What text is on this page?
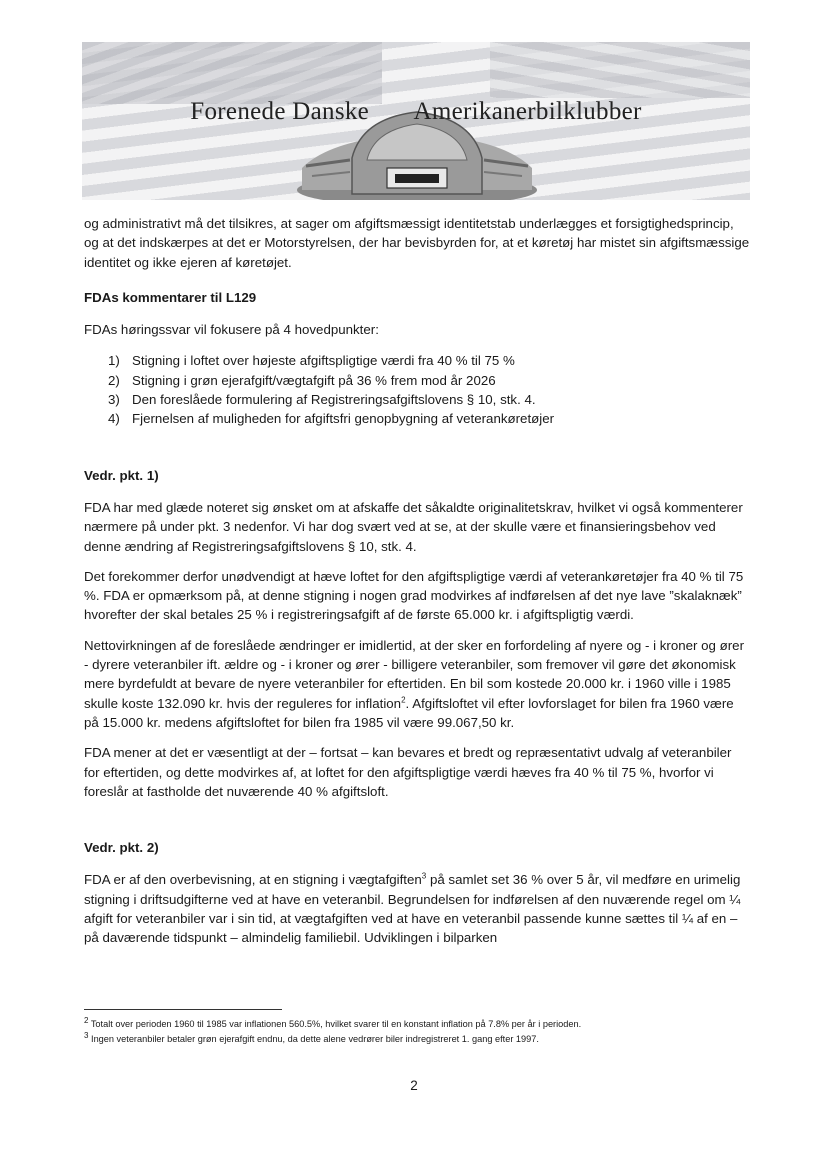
Forenede Danske Amerikanerbilklubber

og administrativt må det tilsikres, at sager om afgiftsmæssigt identitetstab underlægges et forsigtighedsprincip, og at det indskærpes at det er Motorstyrelsen, der har bevisbyrden for, at et køretøj har mistet sin afgiftsmæssige identitet og ikke ejeren af køretøjet.

FDAs kommentarer til L129

FDAs høringssvar vil fokusere på 4 hovedpunkter:

1) Stigning i loftet over højeste afgiftspligtige værdi fra 40 % til 75 %
2) Stigning i grøn ejerafgift/vægtafgift på 36 % frem mod år 2026
3) Den foreslåede formulering af Registreringsafgiftslovens § 10, stk. 4.
4) Fjernelsen af muligheden for afgiftsfri genopbygning af veterankøretøjer

Vedr. pkt. 1)

FDA har med glæde noteret sig ønsket om at afskaffe det såkaldte originalitetskrav, hvilket vi også kommenterer nærmere på under pkt. 3 nedenfor. Vi har dog svært ved at se, at der skulle være et finansieringsbehov ved denne ændring af Registreringsafgiftslovens § 10, stk. 4.

Det forekommer derfor unødvendigt at hæve loftet for den afgiftspligtige værdi af veterankøretøjer fra 40 % til 75 %. FDA er opmærksom på, at denne stigning i nogen grad modvirkes af indførelsen af det nye lave ”skalaknæk” hvorefter der skal betales 25 % i registreringsafgift af de første 65.000 kr. i afgiftspligtig værdi.

Nettovirkningen af de foreslåede ændringer er imidlertid, at der sker en forfordeling af nyere og - i kroner og ører - dyrere veteranbiler ift. ældre og - i kroner og ører - billigere veteranbiler, som fremover vil gøre det økonomisk mere byrdefuldt at bevare de nyere veteranbiler for eftertiden. En bil som kostede 20.000 kr. i 1960 ville i 1985 skulle koste 132.090 kr. hvis der reguleres for inflation$^2$. Afgiftsloftet vil efter lovforslaget for bilen fra 1960 være på 15.000 kr. medens afgiftsloftet for bilen fra 1985 vil være 99.067,50 kr.

FDA mener at det er væsentligt at der – fortsat – kan bevares et bredt og repræsentativt udvalg af veteranbiler for eftertiden, og dette modvirkes af, at loftet for den afgiftspligtige værdi hæves fra 40 % til 75 %, hvorfor vi foreslår at fastholde det nuværende 40 % afgiftsloft.

Vedr. pkt. 2)

FDA er af den overbevisning, at en stigning i vægtafgiften$^3$ på samlet set 36 % over 5 år, vil medføre en urimelig stigning i driftsudgifterne ved at have en veteranbil. Begrundelsen for indførelsen af den nuværende regel om ¼ afgift for veteranbiler var i sin tid, at vægtafgiften ved at have en veteranbil passende kunne sættes til ¼ af en – på daværende tidspunkt – almindelig familiebil. Udviklingen i bilparken

$^2$ Totalt over perioden 1960 til 1985 var inflationen 560.5%, hvilket svarer til en konstant inflation på 7.8% per år i perioden.
$^3$ Ingen veteranbiler betaler grøn ejerafgift endnu, da dette alene vedrører biler indregistreret 1. gang efter 1997.
2
